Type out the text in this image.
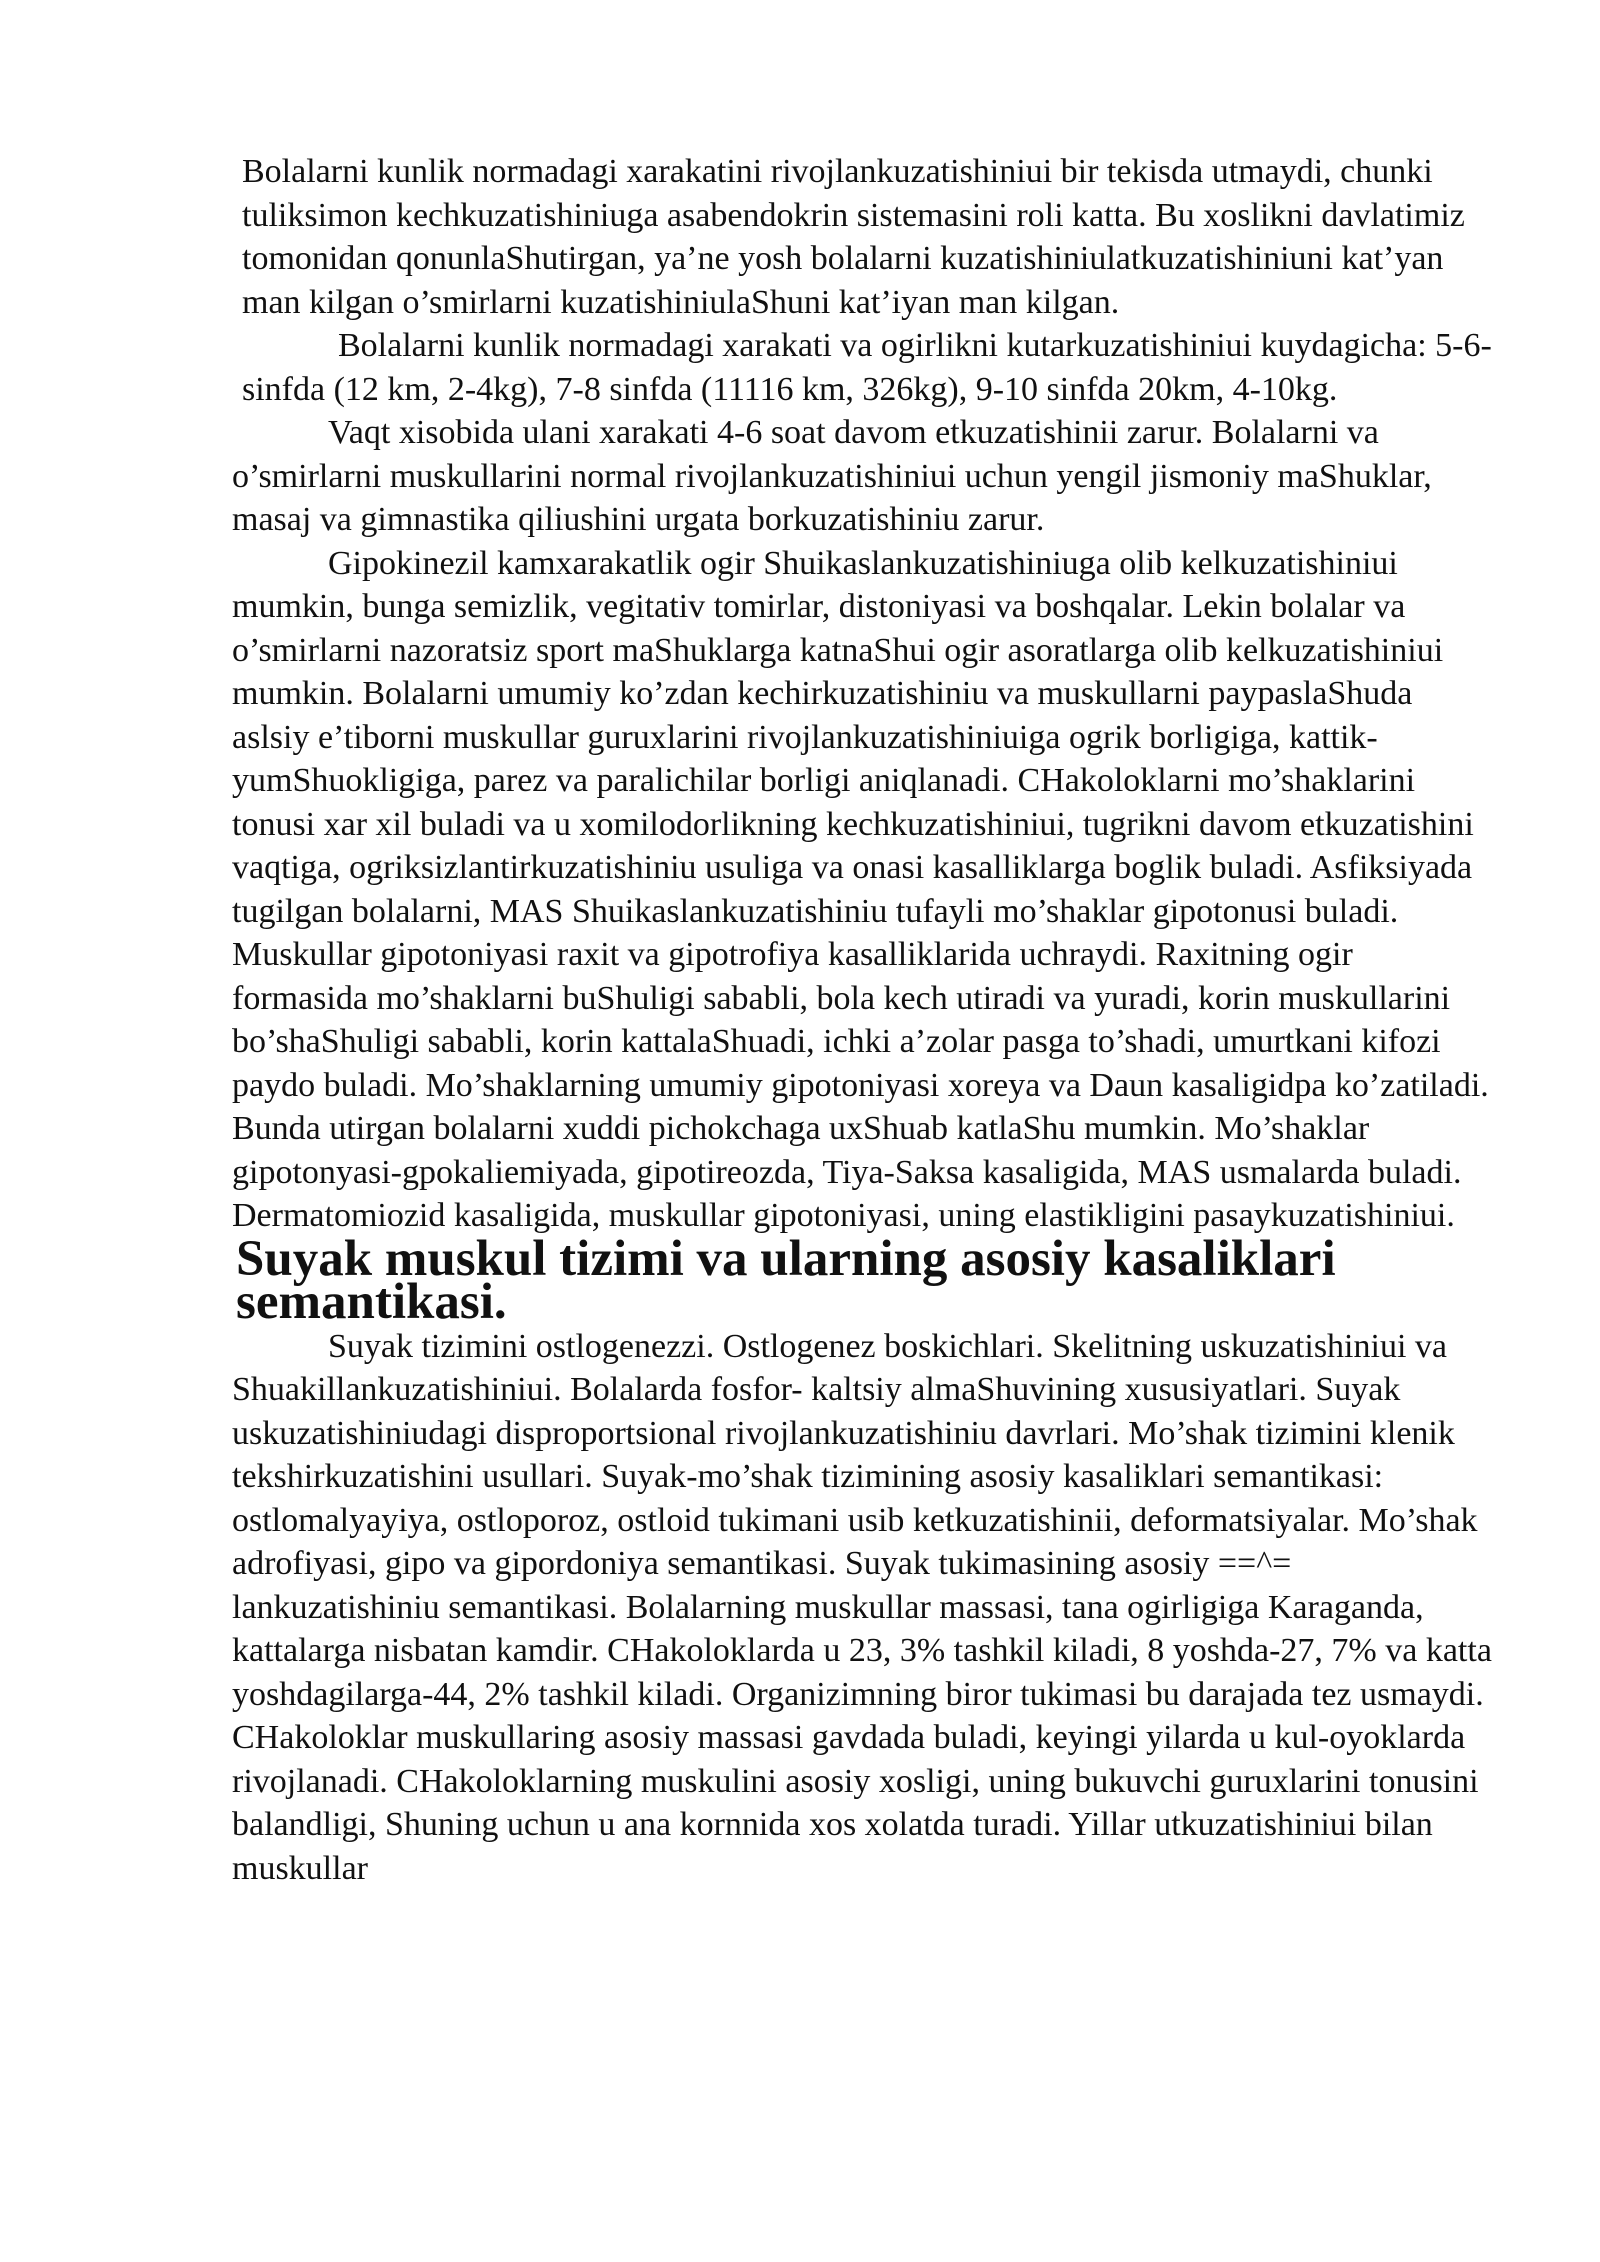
Bolalarni kunlik normadagi xarakatini rivojlankuzatishiniui bir tekisda utmaydi, chunki tuliksimon kechkuzatishiniuga asabendokrin sistemasini roli katta. Bu xoslikni davlatimiz tomonidan qonunlaShutirgan, ya’ne yosh bolalarni kuzatishiniulatkuzatishiniuni kat’yan man kilgan o’smirlarni kuzatishiniulaShuni kat’iyan man kilgan.

Bolalarni kunlik normadagi xarakati va ogirlikni kutarkuzatishiniui kuydagicha: 5-6- sinfda (12 km, 2-4kg), 7-8 sinfda (11116 km, 326kg), 9-10 sinfda 20km, 4-10kg.

Vaqt xisobida ulani xarakati 4-6 soat davom etkuzatishinii zarur. Bolalarni va o’smirlarni muskullarini normal rivojlankuzatishiniui uchun yengil jismoniy maShuklar, masaj va gimnastika qiliushini urgata borkuzatishiniu zarur.

Gipokinezil kamxarakatlik ogir Shuikaslankuzatishiniuga olib kelkuzatishiniui mumkin, bunga semizlik, vegitativ tomirlar, distoniyasi va boshqalar. Lekin bolalar va o’smirlarni nazoratsiz sport maShuklarga katnaShui ogir asoratlarga olib kelkuzatishiniui mumkin. Bolalarni umumiy ko’zdan kechirkuzatishiniu va muskullarni paypaslaShuda aslsiy e’tiborni muskullar guruxlarini rivojlankuzatishiniuiga ogrik borligiga, kattik-yumShuokligiga, parez va paralichilar borligi aniqlanadi. CHakoloklarni mo’shaklarini tonusi xar xil buladi va u xomilodorlikning kechkuzatishiniui, tugrikni davom etkuzatishini vaqtiga, ogriksizlantirkuzatishiniu usuliga va onasi kasalliklarga boglik buladi. Asfiksiyada tugilgan bolalarni, MAS Shuikaslankuzatishiniu tufayli mo’shaklar gipotonusi buladi. Muskullar gipotoniyasi raxit va gipotrofiya kasalliklarida uchraydi. Raxitning ogir formasida mo’shaklarni buShuligi sababli, bola kech utiradi va yuradi, korin muskullarini bo’shaShuligi sababli, korin kattalaShuadi, ichki a’zolar pasga to’shadi, umurtkani kifozi paydo buladi. Mo’shaklarning umumiy gipotoniyasi xoreya va Daun kasaligidpa ko’zatiladi. Bunda utirgan bolalarni xuddi pichokchaga uxShuab katlaShu mumkin. Mo’shaklar gipotonyasi-gpokaliemiyada, gipotireozda, Tiya-Saksa kasaligida, MAS usmalarda buladi. Dermatomiozid kasaligida, muskullar gipotoniyasi, uning elastikligini pasaykuzatishiniui.

Suyak muskul tizimi va ularning asosiy kasaliklari semantikasi.

Suyak tizimini ostlogenezzi. Ostlogenez boskichlari. Skelitning uskuzatishiniui va Shuakillankuzatishiniui. Bolalarda fosfor- kaltsiy almaShuvining xususiyatlari. Suyak uskuzatishiniudagi disproportsional rivojlankuzatishiniu davrlari. Mo’shak tizimini klenik tekshirkuzatishini usullari. Suyak-mo’shak tizimining asosiy kasaliklari semantikasi: ostlomalyayiya, ostloporoz, ostloid tukimani usib ketkuzatishinii, deformatsiyalar. Mo’shak adrofiyasi, gipo va gipordoniya semantikasi. Suyak tukimasining asosiy ==^= lankuzatishiniu semantikasi. Bolalarning muskullar massasi, tana ogirligiga Karaganda, kattalarga nisbatan kamdir. CHakoloklarda u 23, 3% tashkil kiladi, 8 yoshda-27, 7% va katta yoshdagilarga-44, 2% tashkil kiladi. Organizimning biror tukimasi bu darajada tez usmaydi. CHakoloklar muskullaring asosiy massasi gavdada buladi, keyingi yilarda u kul-oyoklarda rivojlanadi. CHakoloklarning muskulini asosiy xosligi, uning bukuvchi guruxlarini tonusini balandligi, Shuning uchun u ana kornnida xos xolatda turadi. Yillar utkuzatishiniui bilan muskullar
